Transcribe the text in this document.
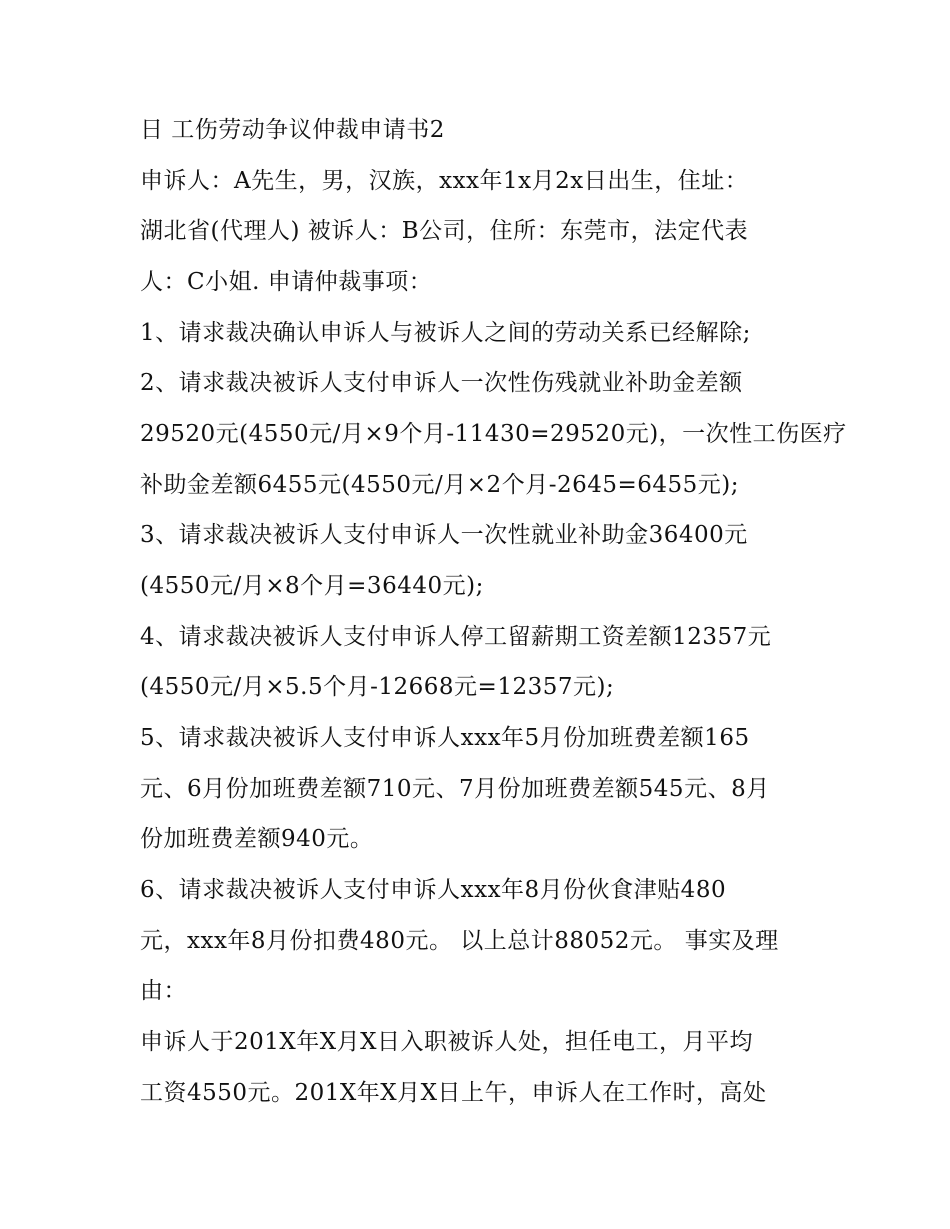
日 工伤劳动争议仲裁申请书2
申诉人：A先生，男，汉族，xxx年1x月2x日出生，住址：
湖北省(代理人) 被诉人：B公司，住所：东莞市，法定代表
人：C小姐. 申请仲裁事项：
1、请求裁决确认申诉人与被诉人之间的劳动关系已经解除;
2、请求裁决被诉人支付申诉人一次性伤残就业补助金差额
29520元(4550元/月×9个月-11430=29520元)，一次性工伤医疗
补助金差额6455元(4550元/月×2个月-2645=6455元);
3、请求裁决被诉人支付申诉人一次性就业补助金36400元
(4550元/月×8个月=36440元);
4、请求裁决被诉人支付申诉人停工留薪期工资差额12357元
(4550元/月×5.5个月-12668元=12357元);
5、请求裁决被诉人支付申诉人xxx年5月份加班费差额165
元、6月份加班费差额710元、7月份加班费差额545元、8月
份加班费差额940元。
6、请求裁决被诉人支付申诉人xxx年8月份伙食津贴480
元，xxx年8月份扣费480元。 以上总计88052元。 事实及理
由：
申诉人于201X年X月X日入职被诉人处，担任电工，月平均
工资4550元。201X年X月X日上午，申诉人在工作时，高处
